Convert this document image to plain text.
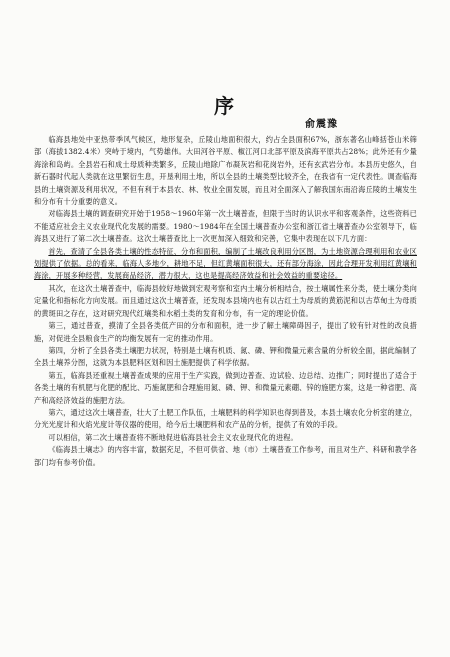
序
俞震豫

临海县地处中亚热带季风气候区，地形复杂，丘陵山地面积很大，约占全县面积67%，浙东著名山峰括苍山米筛部（海拔1382.4米）突峙于境内，气势雄伟。大田河谷平原、椒江河口北部平原及滨海平原共占28%；此外还有少量海涂和岛屿。全县岩石和成土母质种类繁多，丘陵山地除广布凝灰岩和花岗岩外，还有玄武岩分布。本县历史悠久，自新石器时代起人类就在这里繁衍生息，开垦利用土地，所以全县的土壤类型比较齐全，在我省有一定代表性。调查临海县的土壤资源及利用状况，不但有利于本县农、林、牧业全面发展，而且对全面深入了解我国东南沿海丘陵的土壤发生和分布有十分重要的意义。

对临海县土壤的调查研究开始于1958～1960年第一次土壤普查，但限于当时的认识水平和客观条件，这些资料已不能适应社会主义农业现代化发展的需要。1980～1984年在全国土壤普查办公室和浙江省土壤普查办公室领导下，临海县又进行了第二次土壤普查。这次土壤普查比上一次更加深入细致和完善，它集中表现在以下几方面：

首先，查清了全县各类土壤的性态特征、分布和面积，编制了土壤改良利用分区图，为土地资源合理利用和农业区划提供了依据。总的看来，临海人多地少，耕地不足，但红黄壤面积很大，还有部分海涂，因此合理开发利用红黄壤和海涂，开展多种经营，发展商品经济，潜力很大，这也是提高经济效益和社会效益的重要途径。

其次，在这次土壤普查中，临海县较好地做到宏观考察和室内土壤分析相结合，按土壤属性来分类，使土壤分类向定量化和指标化方向发展。而且通过这次土壤普查，还发现本县境内也有以古红土为母质的黄筋泥和以古草甸土为母质的黄斑田之存在，这对研究现代红壤类和水稻土类的发育和分布，有一定的理论价值。

第三，通过普查，摸清了全县各类低产田的分布和面积，进一步了解土壤障碍因子，提出了较有针对性的改良措施，对促进全县粮食生产的均衡发展有一定的推动作用。

第四，分析了全县各类土壤肥力状况，特别是土壤有机质、氮、磷、钾和微量元素含量的分析较全面，据此编制了全县土壤养分图，这就为本县肥料区划和因土施肥提供了科学依据。

第五，临海县还重视土壤普查成果的应用于生产实践，做到边普查、边试验、边总结、边推广；同时提出了适合于各类土壤的有机肥与化肥的配比、巧施氮肥和合理施用氮、磷、钾、和微量元素硼、锌的施肥方案，这是一种省肥、高产和高经济效益的施肥方法。

第六，通过这次土壤普查，壮大了土肥工作队伍，土壤肥料的科学知识也得到普及，本县土壤农化分析室的建立，分光光度计和火焰光度计等仪器的使用，给今后土壤肥料和农产品的分析，提供了有效的手段。

可以相信，第二次土壤普查将不断地促进临海县社会主义农业现代化的进程。

《临海县土壤志》的内容丰富，数据充足，不但可供省、地（市）土壤普查工作参考，而且对生产、科研和教学各部门均有参考价值。
